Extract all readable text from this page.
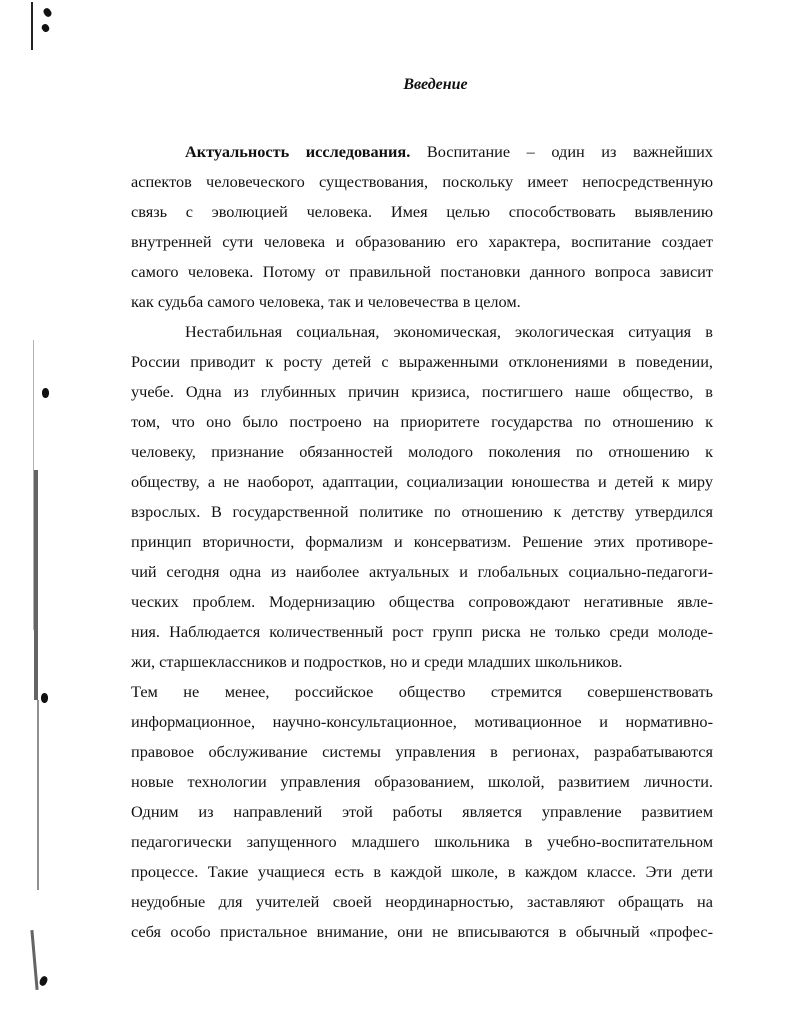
Введение
Актуальность исследования. Воспитание – один из важнейших
аспектов человеческого существования, поскольку имеет непосредственную
связь с эволюцией человека. Имея целью способствовать выявлению
внутренней сути человека и образованию его характера, воспитание создает
самого человека. Потому от правильной постановки данного вопроса зависит
как судьба самого человека, так и человечества в целом.
Нестабильная социальная, экономическая, экологическая ситуация в
России приводит к росту детей с выраженными отклонениями в поведении,
учебе. Одна из глубинных причин кризиса, постигшего наше общество, в
том, что оно было построено на приоритете государства по отношению к
человеку, признание обязанностей молодого поколения по отношению к
обществу, а не наоборот, адаптации, социализации юношества и детей к миру
взрослых. В государственной политике по отношению к детству утвердился
принцип вторичности, формализм и консерватизм. Решение этих противоре-
чий сегодня одна из наиболее актуальных и глобальных социально-педагоги-
ческих проблем. Модернизацию общества сопровождают негативные явле-
ния. Наблюдается количественный рост групп риска не только среди молоде-
жи, старшеклассников и подростков, но и среди младших школьников.
Тем не менее, российское общество стремится совершенствовать
информационное, научно-консультационное, мотивационное и нормативно-
правовое обслуживание системы управления в регионах, разрабатываются
новые технологии управления образованием, школой, развитием личности.
Одним из направлений этой работы является управление развитием
педагогически запущенного младшего школьника в учебно-воспитательном
процессе. Такие учащиеся есть в каждой школе, в каждом классе. Эти дети
неудобные для учителей своей неординарностью, заставляют обращать на
себя особо пристальное внимание, они не вписываются в обычный «профес-
